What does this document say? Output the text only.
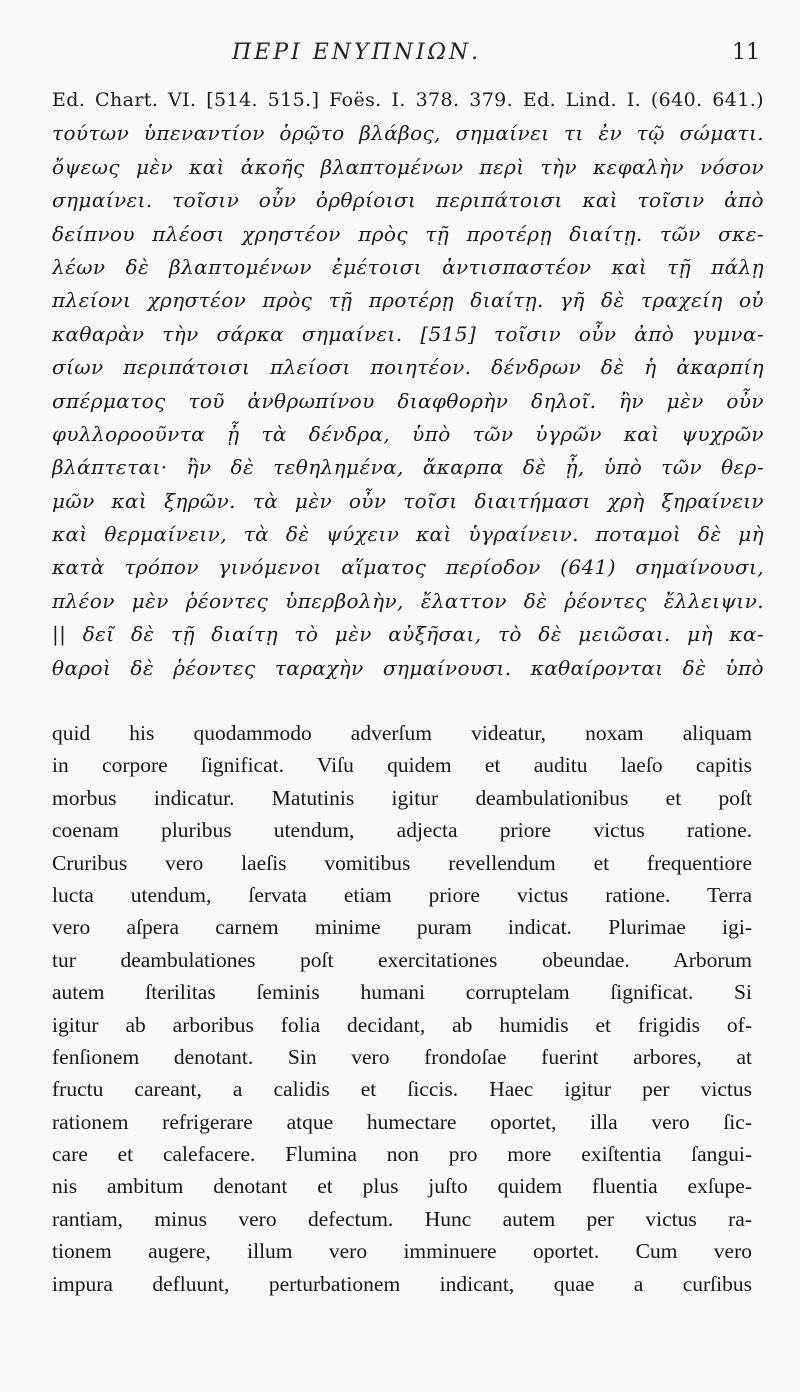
ΠΕΡΙ ΕΝΥΠΝΙΩΝ.	11
Ed. Chart. VI. [514. 515.] Foës. I. 378. 379. Ed. Lind. I. (640. 641.)
τούτων ὑπεναντίον ὁρῷτο βλάβος, σημαίνει τι ἐν τῷ σώματι.
ὄψεως μὲν καὶ ἀκοῆς βλαπτομένων περὶ τὴν κεφαλὴν νόσον
σημαίνει. τοῖσιν οὖν ὀρθρίοισι περιπάτοισι καὶ τοῖσιν ἀπὸ
δείπνου πλέοσι χρηστέον πρὸς τῇ προτέρῃ διαίτῃ. τῶν σκε-
λέων δὲ βλαπτομένων ἐμέτοισι ἀντισπαστέον καὶ τῇ πάλῃ
πλείονι χρηστέον πρὸς τῇ προτέρῃ διαίτῃ. γῆ δὲ τραχείη οὐ
καθαρὰν τὴν σάρκα σημαίνει. [515] τοῖσιν οὖν ἀπὸ γυμνα-
σίων περιπάτοισι πλείοσι ποιητέον. δένδρων δὲ ἡ ἀκαρπίη
σπέρματος τοῦ ἀνθρωπίνου διαφθορὴν δηλοῖ. ἢν μὲν οὖν
φυλλοροοῦντα ᾖ τὰ δένδρα, ὑπὸ τῶν ὑγρῶν καὶ ψυχρῶν
βλάπτεται· ἢν δὲ τεθηλημένα, ἄκαρπα δὲ ᾖ, ὑπὸ τῶν θερ-
μῶν καὶ ξηρῶν. τὰ μὲν οὖν τοῖσι διαιτήμασι χρὴ ξηραίνειν
καὶ θερμαίνειν, τὰ δὲ ψύχειν καὶ ὑγραίνειν. ποταμοὶ δὲ μὴ
κατὰ τρόπον γινόμενοι αἵματος περίοδον (641) σημαίνουσι,
πλέον μὲν ῥέοντες ὑπερβολὴν, ἔλαττον δὲ ῥέοντες ἔλλειψιν.
|| δεῖ δὲ τῇ διαίτῃ τὸ μὲν αὐξῆσαι, τὸ δὲ μειῶσαι. μὴ κα-
θαροὶ δὲ ῥέοντες ταραχὴν σημαίνουσι. καθαίρονται δὲ ὑπὸ
quid his quodammodo adverſum videatur, noxam aliquam
in corpore ſignificat. Viſu quidem et auditu laeſo capitis
morbus indicatur. Matutinis igitur deambulationibus et poſt
coenam pluribus utendum, adjecta priore victus ratione.
Cruribus vero laeſis vomitibus revellendum et frequentiore
lucta utendum, ſervata etiam priore victus ratione. Terra
vero aſpera carnem minime puram indicat. Plurimae igi-
tur deambulationes poſt exercitationes obeundae. Arborum
autem ſterilitas ſeminis humani corruptelam ſignificat. Si
igitur ab arboribus folia decidant, ab humidis et frigidis of-
fenſionem denotant. Sin vero frondoſae fuerint arbores, at
fructu careant, a calidis et ſiccis. Haec igitur per victus
rationem refrigerare atque humectare oportet, illa vero ſic-
care et calefacere. Flumina non pro more exiſtentia ſangui-
nis ambitum denotant et plus juſto quidem fluentia exſupe-
rantiam, minus vero defectum. Hunc autem per victus ra-
tionem augere, illum vero imminuere oportet. Cum vero
impura defluunt, perturbationem indicant, quae a curſibus
